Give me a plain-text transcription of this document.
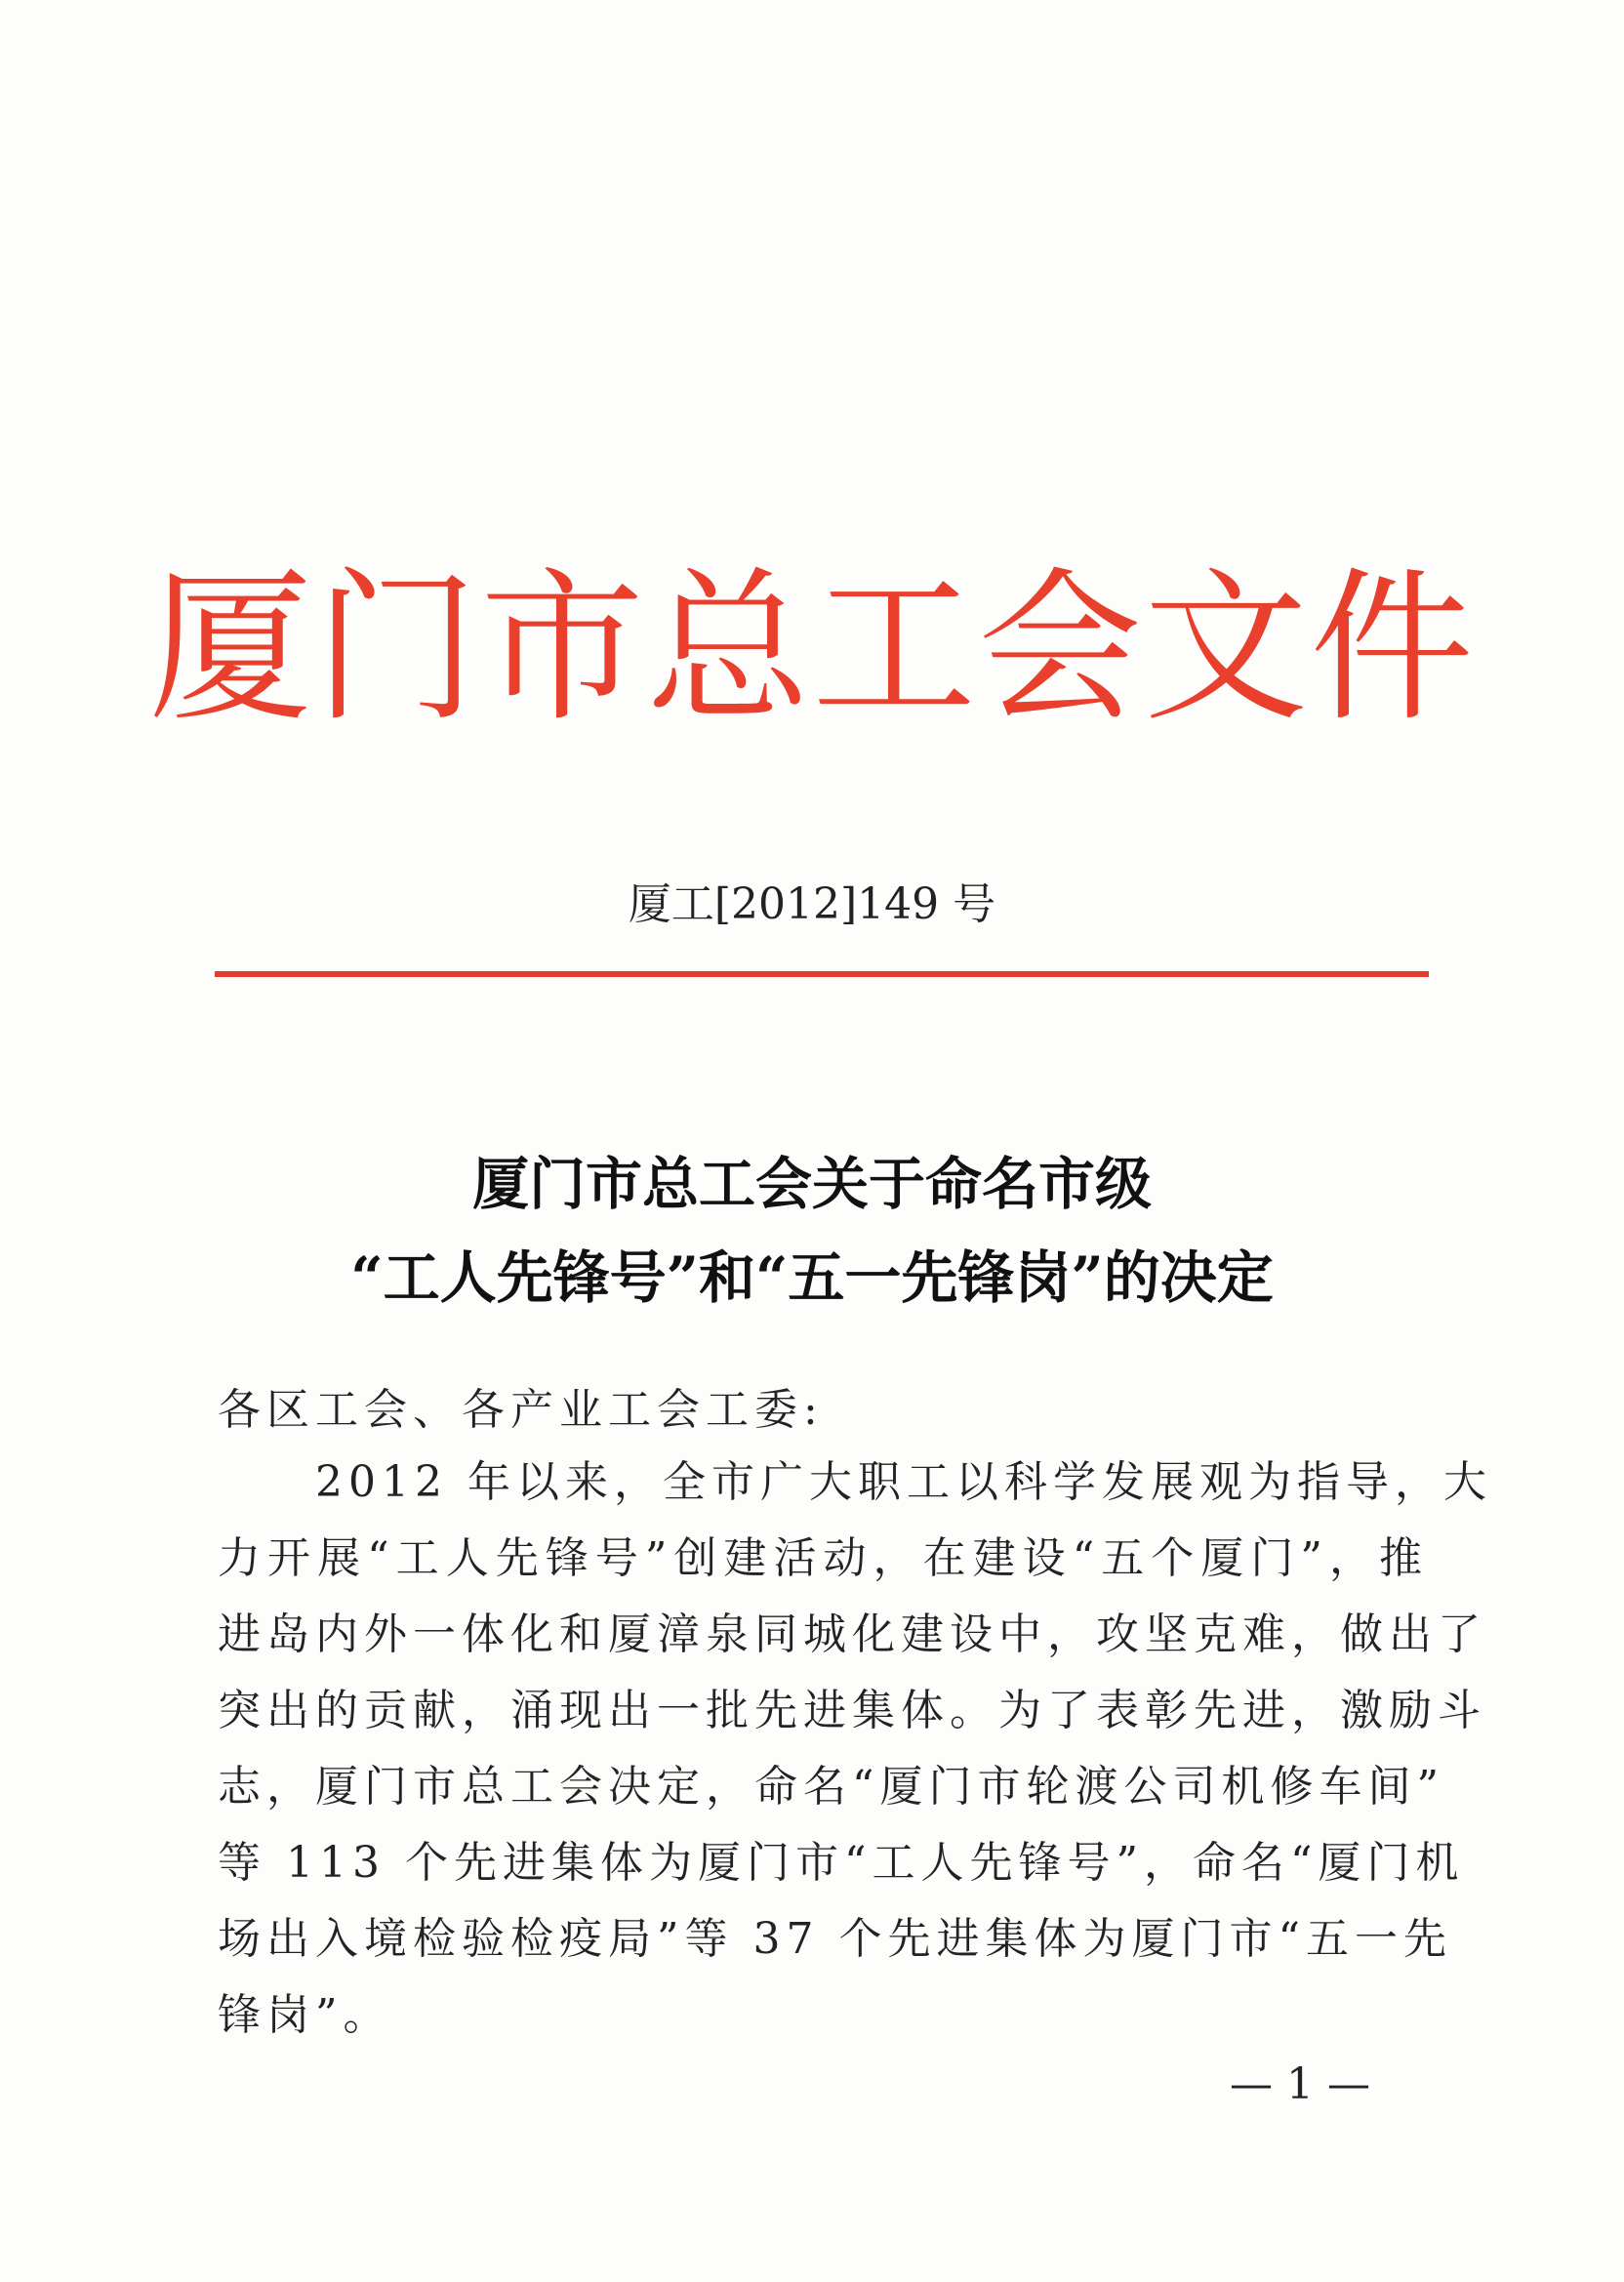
厦门市总工会文件
厦工[2012]149 号
厦门市总工会关于命名市级
“工人先锋号”和“五一先锋岗”的决定
各区工会、各产业工会工委:
　　2012 年以来，全市广大职工以科学发展观为指导，大
力开展“工人先锋号”创建活动，在建设“五个厦门”，推
进岛内外一体化和厦漳泉同城化建设中，攻坚克难，做出了
突出的贡献，涌现出一批先进集体。为了表彰先进，激励斗
志，厦门市总工会决定，命名“厦门市轮渡公司机修车间”
等 113 个先进集体为厦门市“工人先锋号”，命名“厦门机
场出入境检验检疫局”等 37 个先进集体为厦门市“五一先
锋岗”。
— 1 —
